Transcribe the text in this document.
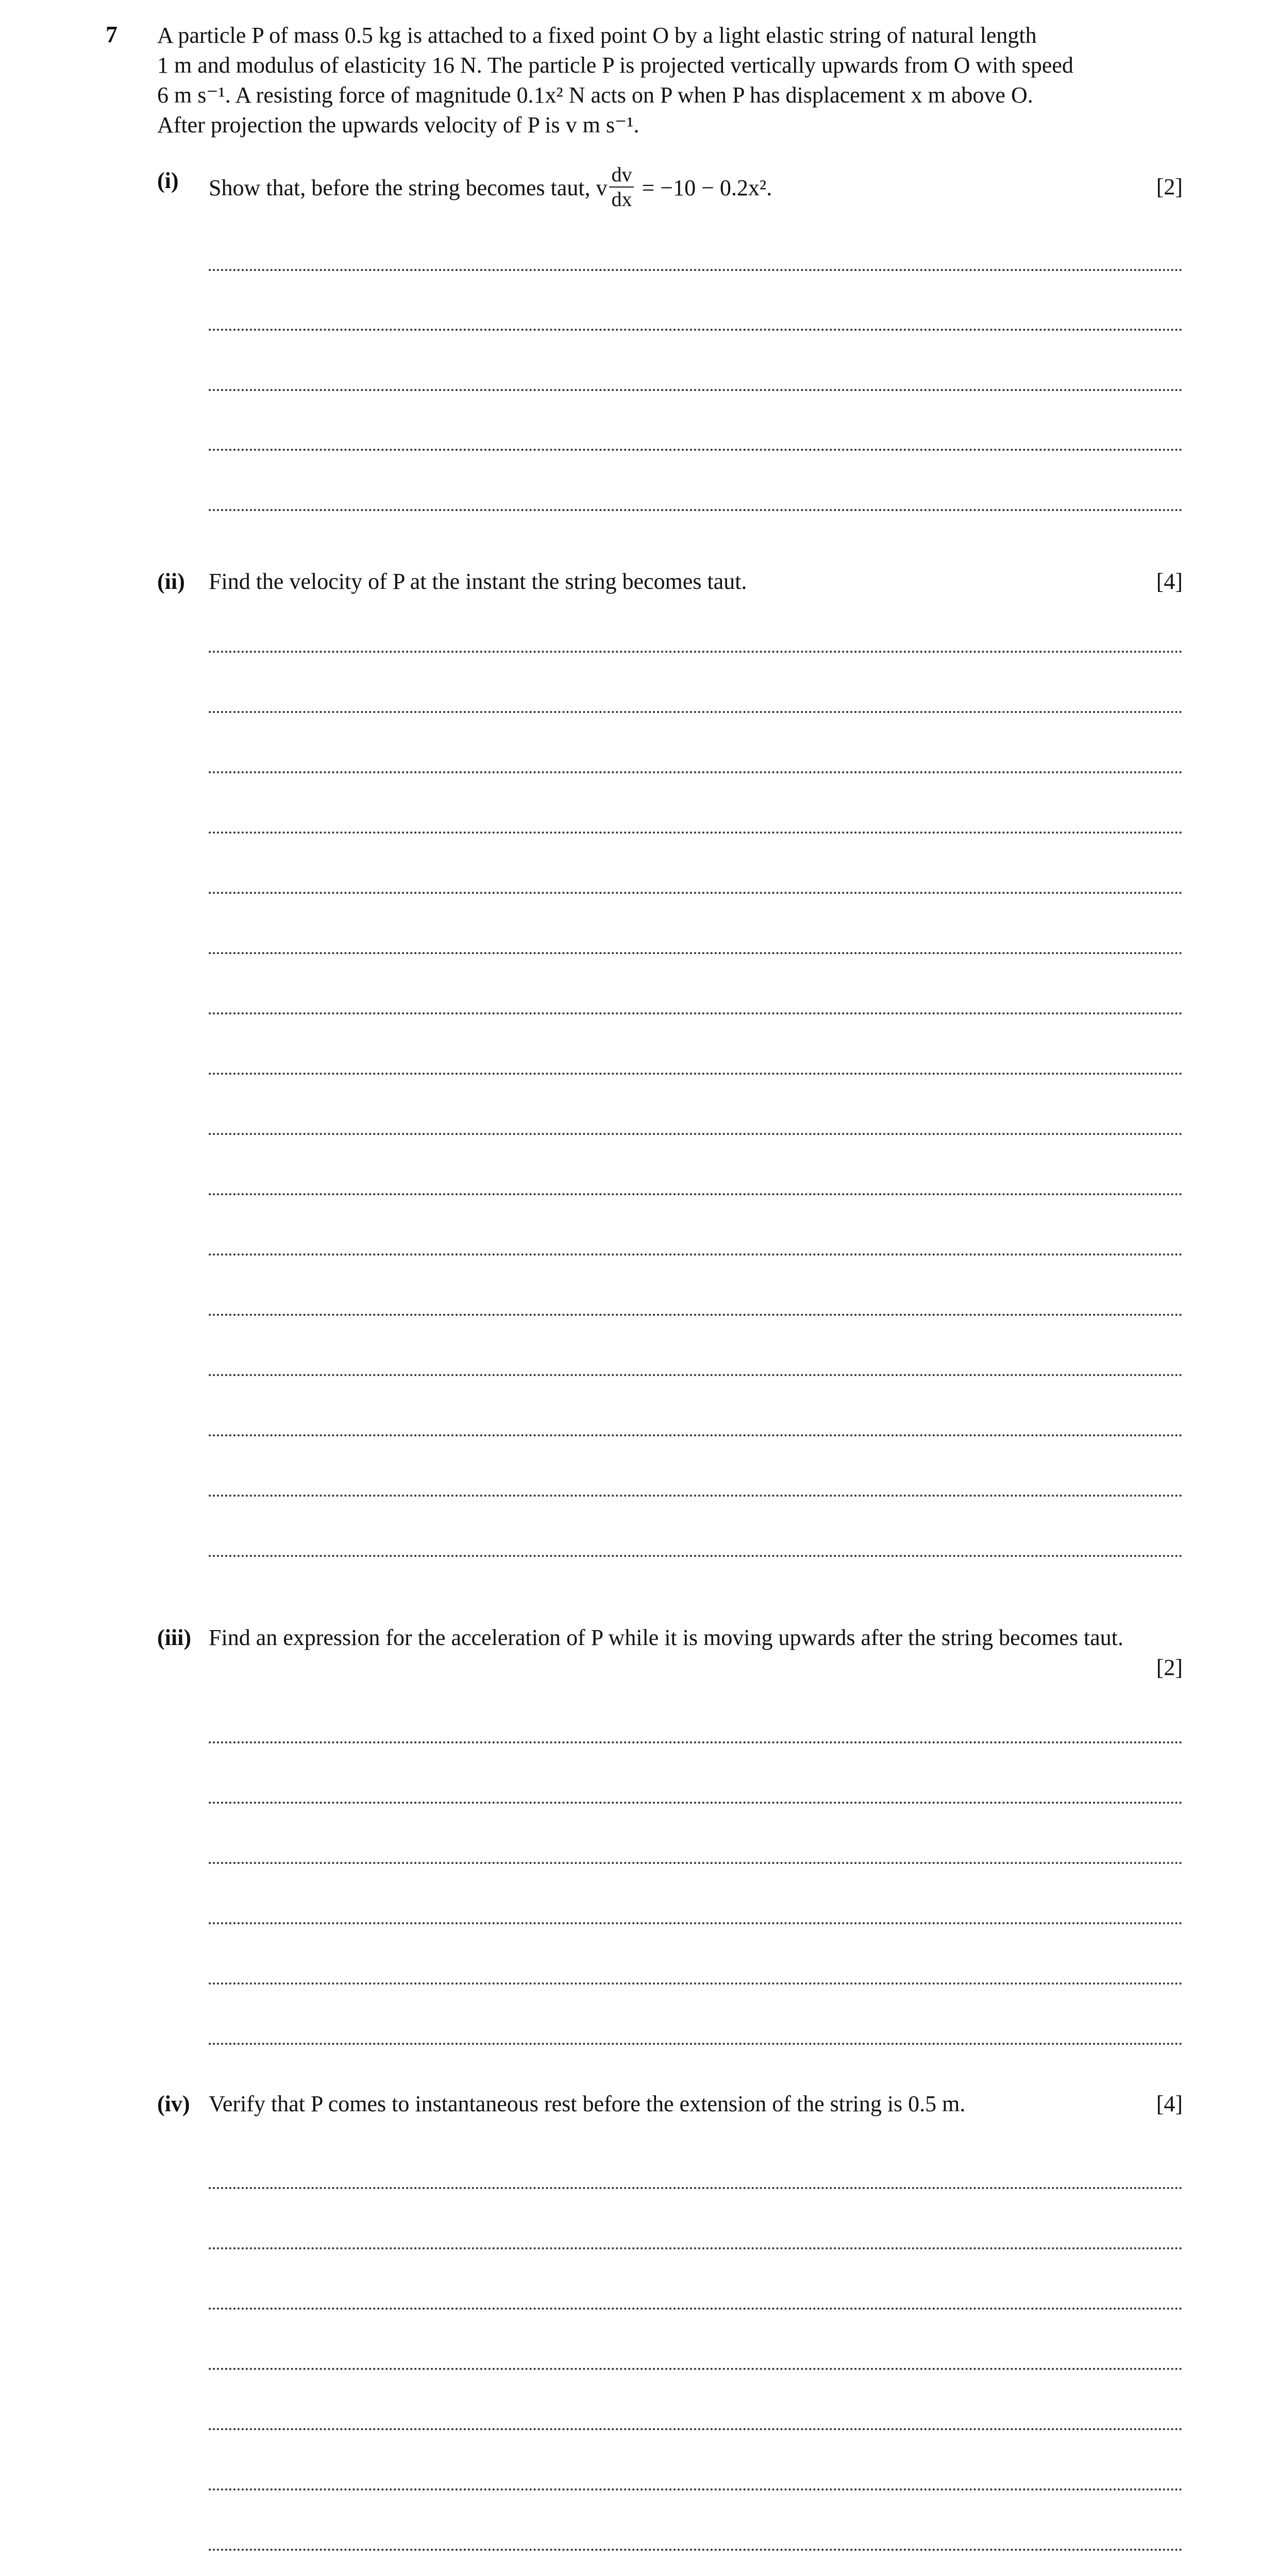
7 A particle P of mass 0.5 kg is attached to a fixed point O by a light elastic string of natural length

1 m and modulus of elasticity 16 N. The particle P is projected vertically upwards from O with speed

6 m s⁻¹. A resisting force of magnitude 0.1x² N acts on P when P has displacement x m above O.

After projection the upwards velocity of P is v m s⁻¹.

(i) Show that, before the string becomes taut, v $\frac{dv}{dx} = -10 - 0.2x^2$.	[2]
(ii) Find the velocity of P at the instant the string becomes taut.	[4]
(iii) Find an expression for the acceleration of P while it is moving upwards after the string becomes taut.
[2]
(iv) Verify that P comes to instantaneous rest before the extension of the string is 0.5 m.	[4]
